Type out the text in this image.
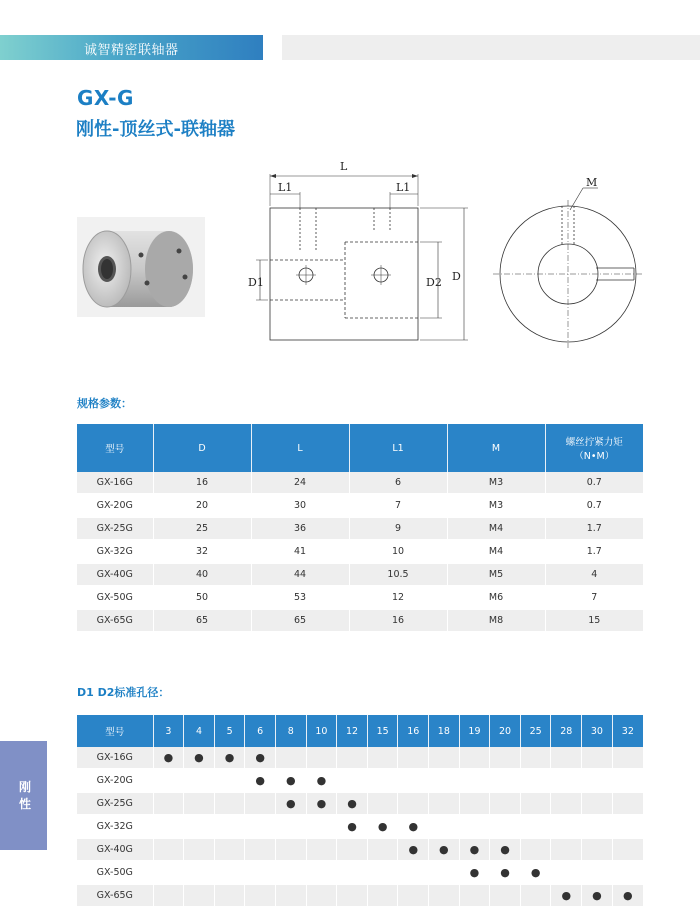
诚智精密联轴器
GX-G
刚性-顶丝式-联轴器
L
L1	L1
D1	D2 D
M
规格参数：
型号	D	L	L1	M	螺丝拧紧力矩
（N•M）

GX-16G	16	24	6	M3	0.7
GX-20G	20	30	7	M3	0.7
GX-25G	25	36	9	M4	1.7
GX-32G	32	41	10	M4	1.7
GX-40G	40	44	10.5	M5	4
GX-50G	50	53	12	M6	7
GX-65G	65	65	16	M8	15
D1 D2标准孔径：
型号	3	4	5	6	8	10	12	15	16	18	19	20	25	28	30	32
GX-16G	●	●	●	●												
GX-20G				●	●	●										
GX-25G					●	●	●									
GX-32G							●	●	●							
GX-40G									●	●	●	●				
GX-50G											●	●	●			
GX-65G														●	●	●
刚
性
